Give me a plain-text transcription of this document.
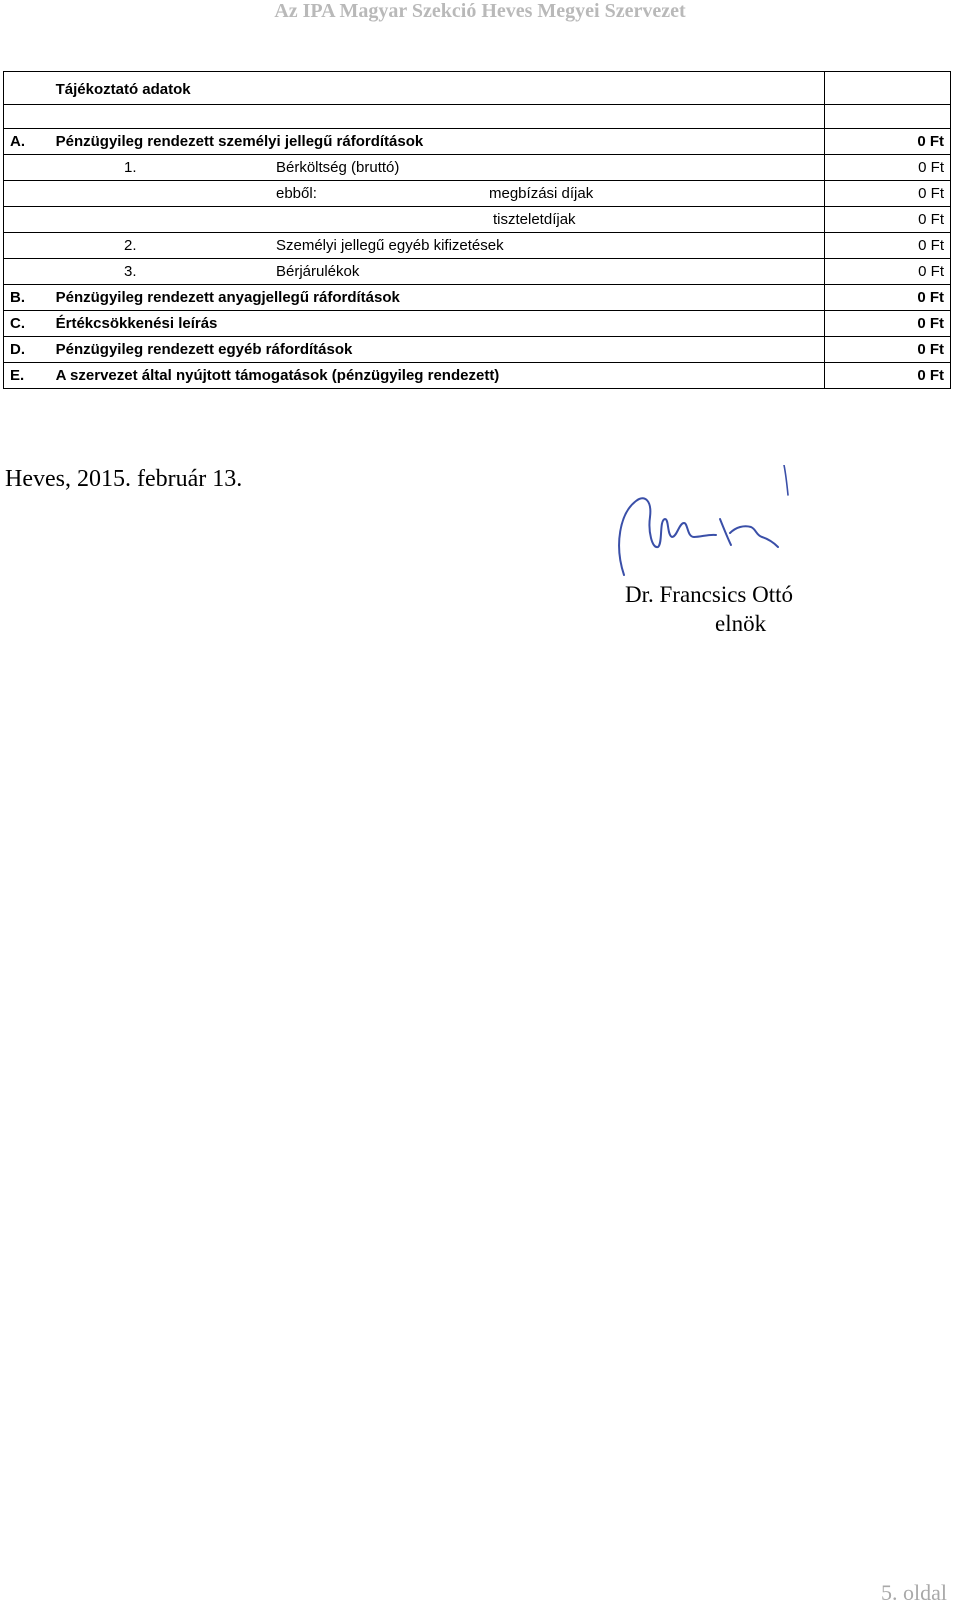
Az IPA Magyar Szekció Heves Megyei Szervezet
	Tájékoztató adatok	

A.	Pénzügyileg rendezett személyi jellegű ráfordítások	0 Ft

1. Bérköltség (bruttó)		0 Ft

ebből: megbízási díjak		0 Ft

tiszteletdíjak		0 Ft

2. Személyi jellegű egyéb kifizetések		0 Ft

3. Bérjárulékok		0 Ft
B.	Pénzügyileg rendezett anyagjellegű ráfordítások	0 Ft
C.	Értékcsökkenési leírás	0 Ft
D.	Pénzügyileg rendezett egyéb ráfordítások	0 Ft
E.	A szervezet által nyújtott támogatások (pénzügyileg rendezett)	0 Ft
Heves, 2015. február 13.
Dr. Francsics Ottó
elnök
5. oldal
